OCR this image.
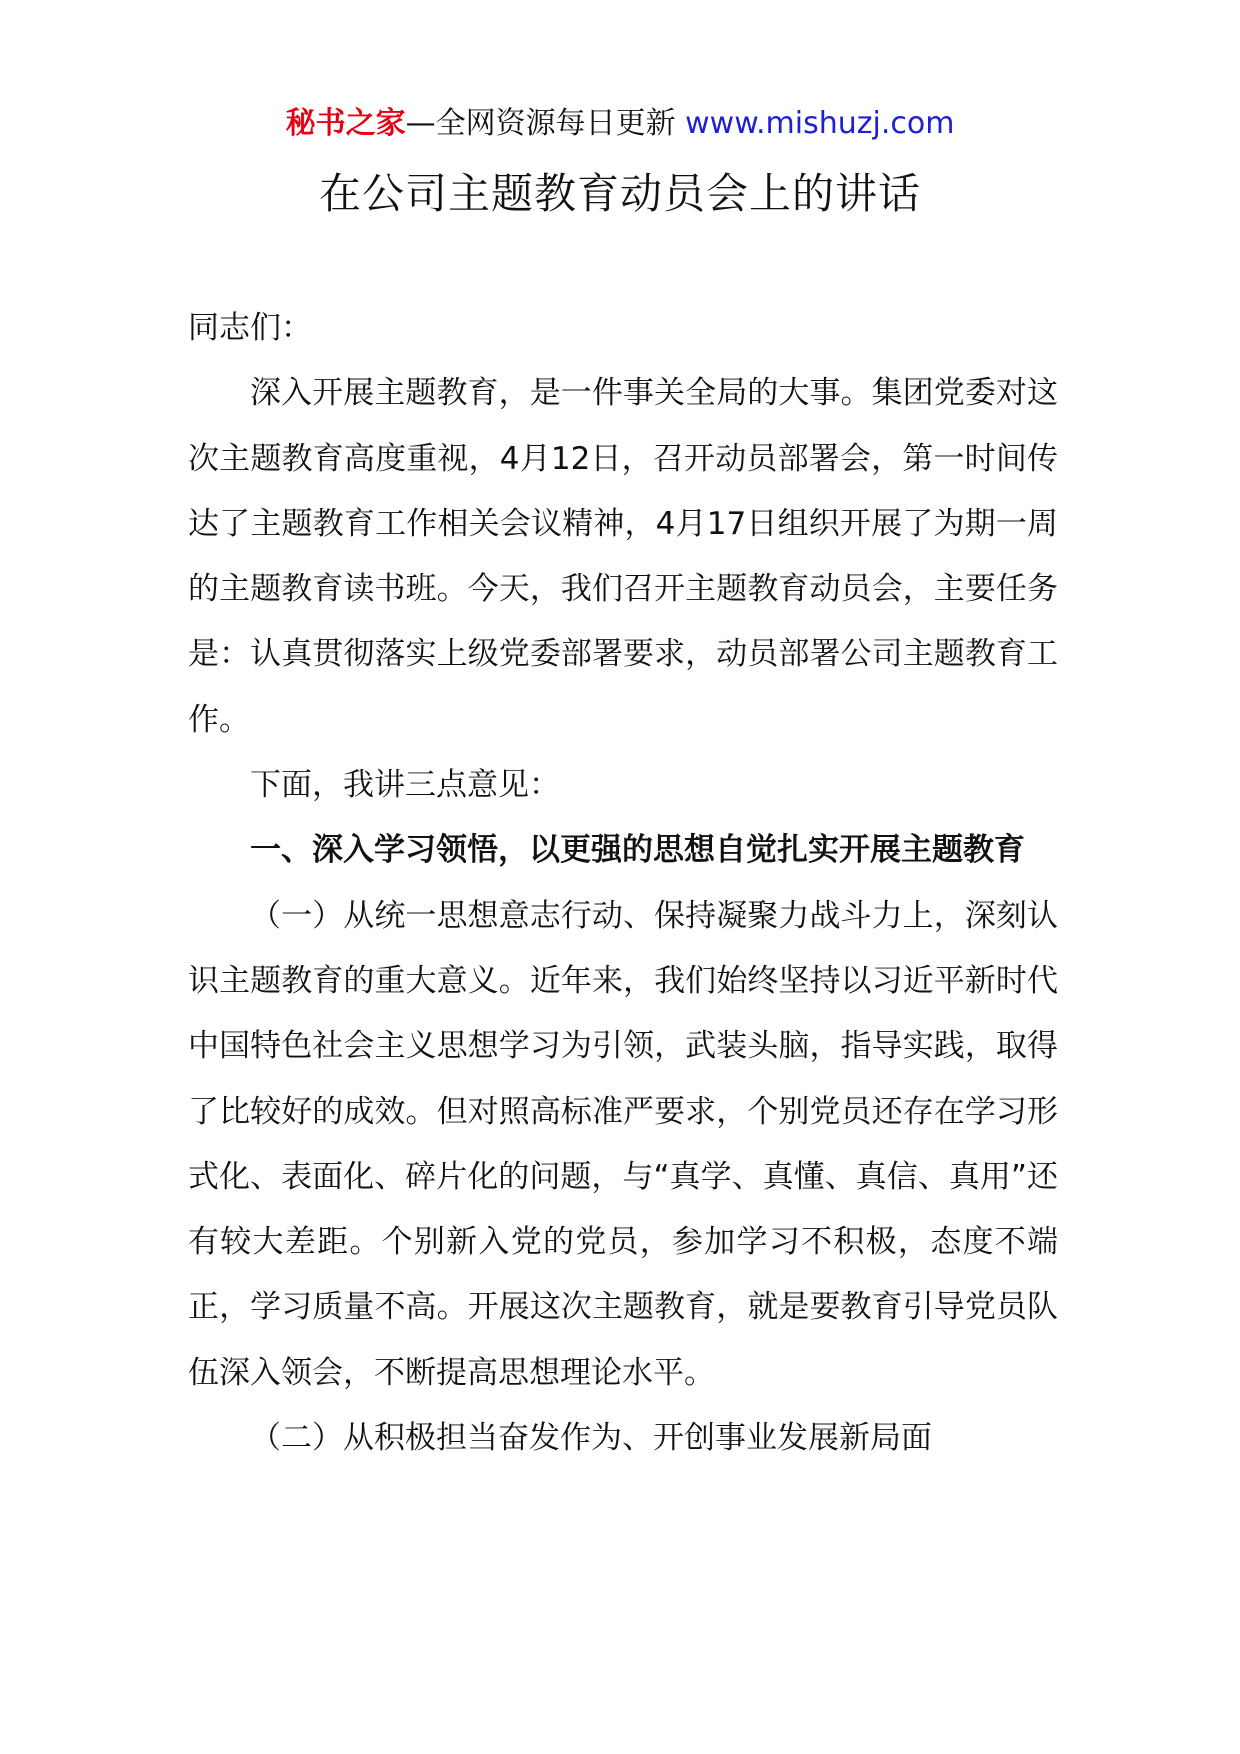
秘书之家—全网资源每日更新 www.mishuzj.com
在公司主题教育动员会上的讲话

同志们：

深入开展主题教育，是一件事关全局的大事。集团党委对这次主题教育高度重视，4月12日，召开动员部署会，第一时间传达了主题教育工作相关会议精神，4月17日组织开展了为期一周的主题教育读书班。今天，我们召开主题教育动员会，主要任务是：认真贯彻落实上级党委部署要求，动员部署公司主题教育工作。

下面，我讲三点意见：

一、深入学习领悟，以更强的思想自觉扎实开展主题教育

（一）从统一思想意志行动、保持凝聚力战斗力上，深刻认识主题教育的重大意义。近年来，我们始终坚持以习近平新时代中国特色社会主义思想学习为引领，武装头脑，指导实践，取得了比较好的成效。但对照高标准严要求，个别党员还存在学习形式化、表面化、碎片化的问题，与“真学、真懂、真信、真用”还有较大差距。个别新入党的党员，参加学习不积极，态度不端正，学习质量不高。开展这次主题教育，就是要教育引导党员队伍深入领会，不断提高思想理论水平。

（二）从积极担当奋发作为、开创事业发展新局面
